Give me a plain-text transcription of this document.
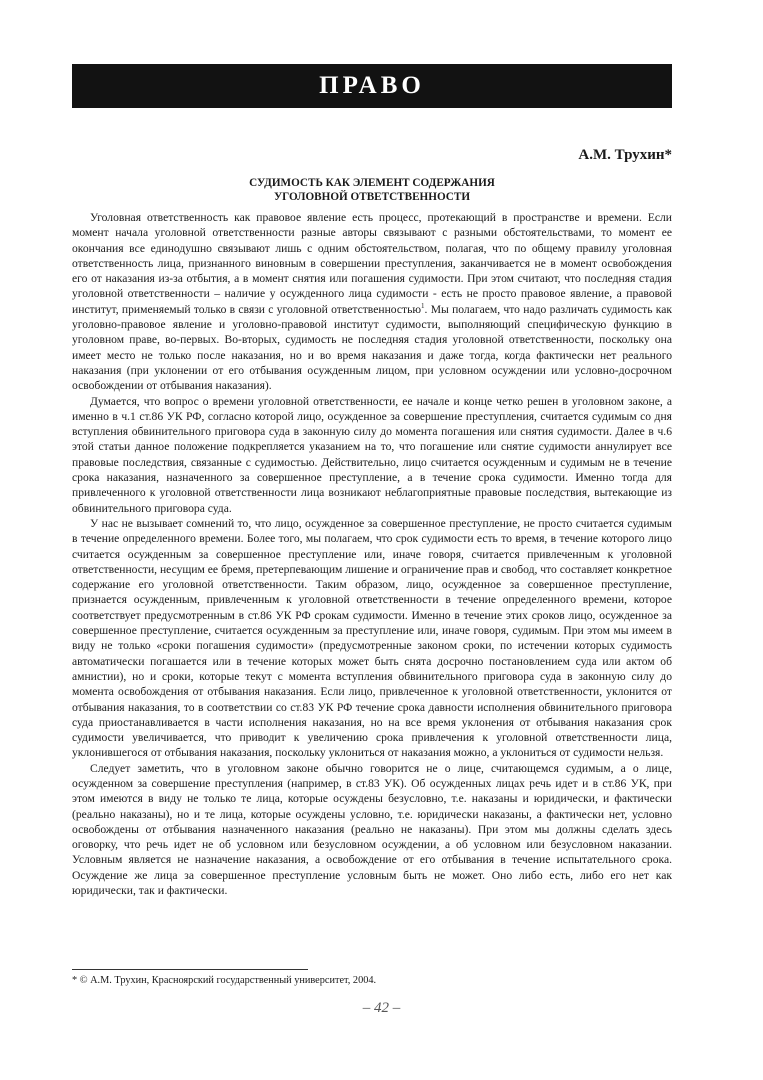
ПРАВО
А.М. Трухин*
СУДИМОСТЬ КАК ЭЛЕМЕНТ СОДЕРЖАНИЯ
УГОЛОВНОЙ ОТВЕТСТВЕННОСТИ

Уголовная ответственность как правовое явление есть процесс, протекающий в пространстве и времени. Если момент начала уголовной ответственности разные авторы связывают с разными обстоятельствами, то момент ее окончания все единодушно связывают лишь с одним обстоятельством, полагая, что по общему правилу уголовная ответственность лица, признанного виновным в совершении преступления, заканчивается не в момент освобождения его от наказания из-за отбытия, а в момент снятия или погашения судимости. При этом считают, что последняя стадия уголовной ответственности – наличие у осужденного лица судимости - есть не просто правовое явление, а правовой институт, применяемый только в связи с уголовной ответственностью$^1$. Мы полагаем, что надо различать судимость как уголовно-правовое явление и уголовно-правовой институт судимости, выполняющий специфическую функцию в уголовном праве, во-первых. Во-вторых, судимость не последняя стадия уголовной ответственности, поскольку она имеет место не только после наказания, но и во время наказания и даже тогда, когда фактически нет реального наказания (при уклонении от его отбывания осужденным лицом, при условном осуждении или условно-досрочном освобождении от отбывания наказания).

Думается, что вопрос о времени уголовной ответственности, ее начале и конце четко решен в уголовном законе, а именно в ч.1 ст.86 УК РФ, согласно которой лицо, осужденное за совершение преступления, считается судимым со дня вступления обвинительного приговора суда в законную силу до момента погашения или снятия судимости. Далее в ч.6 этой статьи данное положение подкрепляется указанием на то, что погашение или снятие судимости аннулирует все правовые последствия, связанные с судимостью. Действительно, лицо считается осужденным и судимым не в течение срока наказания, назначенного за совершенное преступление, а в течение срока судимости. Именно тогда для привлеченного к уголовной ответственности лица возникают неблагоприятные правовые последствия, вытекающие из обвинительного приговора суда.

У нас не вызывает сомнений то, что лицо, осужденное за совершенное преступление, не просто считается судимым в течение определенного времени. Более того, мы полагаем, что срок судимости есть то время, в течение которого лицо считается осужденным за совершенное преступление или, иначе говоря, считается привлеченным к уголовной ответственности, несущим ее бремя, претерпевающим лишение и ограничение прав и свобод, что составляет конкретное содержание его уголовной ответственности. Таким образом, лицо, осужденное за совершенное преступление, признается осужденным, привлеченным к уголовной ответственности в течение определенного времени, которое соответствует предусмотренным в ст.86 УК РФ срокам судимости. Именно в течение этих сроков лицо, осужденное за совершенное преступление, считается осужденным за преступление или, иначе говоря, судимым. При этом мы имеем в виду не только «сроки погашения судимости» (предусмотренные законом сроки, по истечении которых судимость автоматически погашается или в течение которых может быть снята досрочно постановлением суда или актом об амнистии), но и сроки, которые текут с момента вступления обвинительного приговора суда в законную силу до момента освобождения от отбывания наказания. Если лицо, привлеченное к уголовной ответственности, уклонится от отбывания наказания, то в соответствии со ст.83 УК РФ течение срока давности исполнения обвинительного приговора суда приостанавливается в части исполнения наказания, но на все время уклонения от отбывания наказания срок судимости увеличивается, что приводит к увеличению срока привлечения к уголовной ответственности лица, уклонившегося от отбывания наказания, поскольку уклониться от наказания можно, а уклониться от судимости нельзя.

Следует заметить, что в уголовном законе обычно говорится не о лице, считающемся судимым, а о лице, осужденном за совершение преступления (например, в ст.83 УК). Об осужденных лицах речь идет и в ст.86 УК, при этом имеются в виду не только те лица, которые осуждены безусловно, т.е. наказаны и юридически, и фактически (реально наказаны), но и те лица, которые осуждены условно, т.е. юридически наказаны, а фактически нет, условно освобождены от отбывания назначенного наказания (реально не наказаны). При этом мы должны сделать здесь оговорку, что речь идет не об условном или безусловном осуждении, а об условном или безусловном наказании. Условным является не назначение наказания, а освобождение от его отбывания в течение испытательного срока. Осуждение же лица за совершенное преступление условным быть не может. Оно либо есть, либо его нет как юридически, так и фактически.

* © А.М. Трухин, Красноярский государственный университет, 2004.
– 42 –
